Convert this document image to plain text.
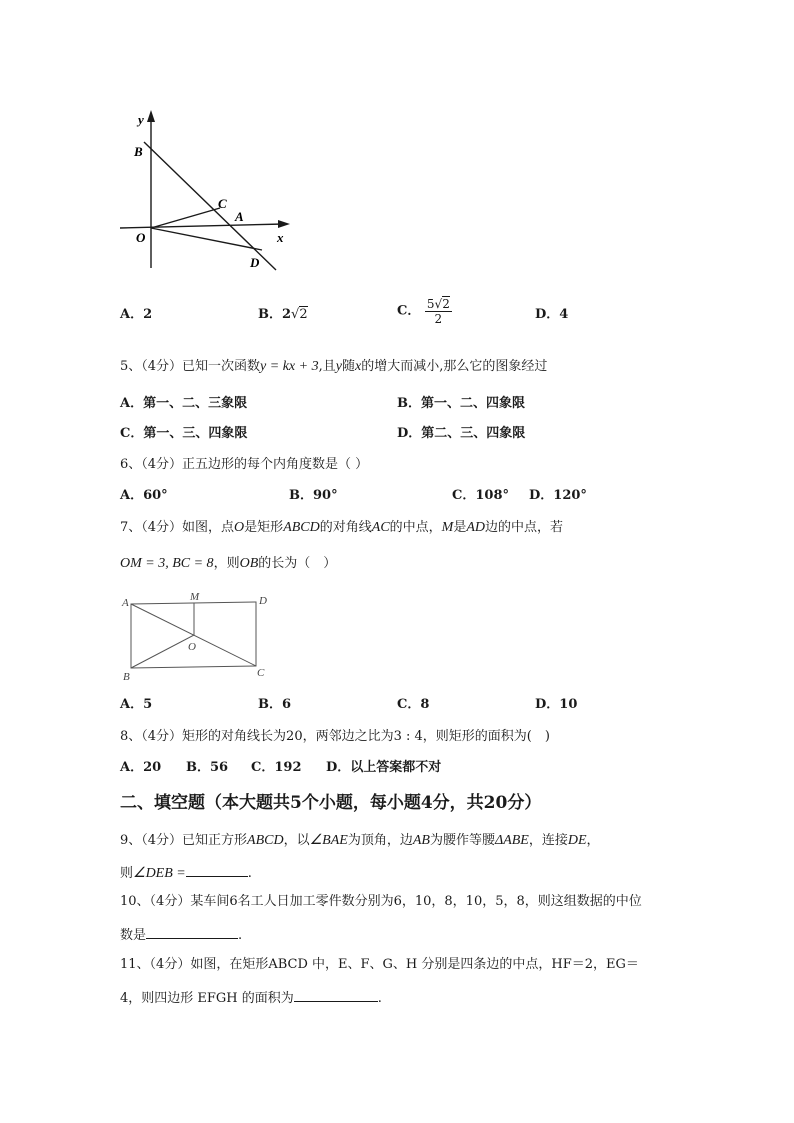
y
x
B
C
A
O
D
A．2	B．2√2	C． $\frac{5√2}{2}$	D．4
5、（4分）已知一次函数y = kx + 3,且y随x的增大而减小,那么它的图象经过
A．第一、二、三象限	B．第一、二、四象限
C．第一、三、四象限	D．第二、三、四象限
6、（4分）正五边形的每个内角度数是（ ）
A．60°	B．90°	C．108° D．120°
7、（4分）如图，点O是矩形ABCD的对角线AC的中点，M是AD边的中点，若
OM = 3, BC = 8，则OB的长为（　）
A	M	D
O
B	C
A．5	B．6	C．8	D．10
8、（4分）矩形的对角线长为20，两邻边之比为3 : 4，则矩形的面积为(　)
A．20 B．56 C．192 D．以上答案都不对
二、填空题（本大题共5个小题，每小题4分，共20分）
9、（4分）已知正方形ABCD，以∠BAE为顶角，边AB为腰作等腰ΔABE，连接DE，
则∠DEB =	.
10、（4分）某车间6名工人日加工零件数分别为6，10，8，10，5，8，则这组数据的中位
数是	.
11、（4分）如图，在矩形ABCD 中，E、F、G、H 分别是四条边的中点，HF＝2，EG＝
4，则四边形 EFGH 的面积为	.
